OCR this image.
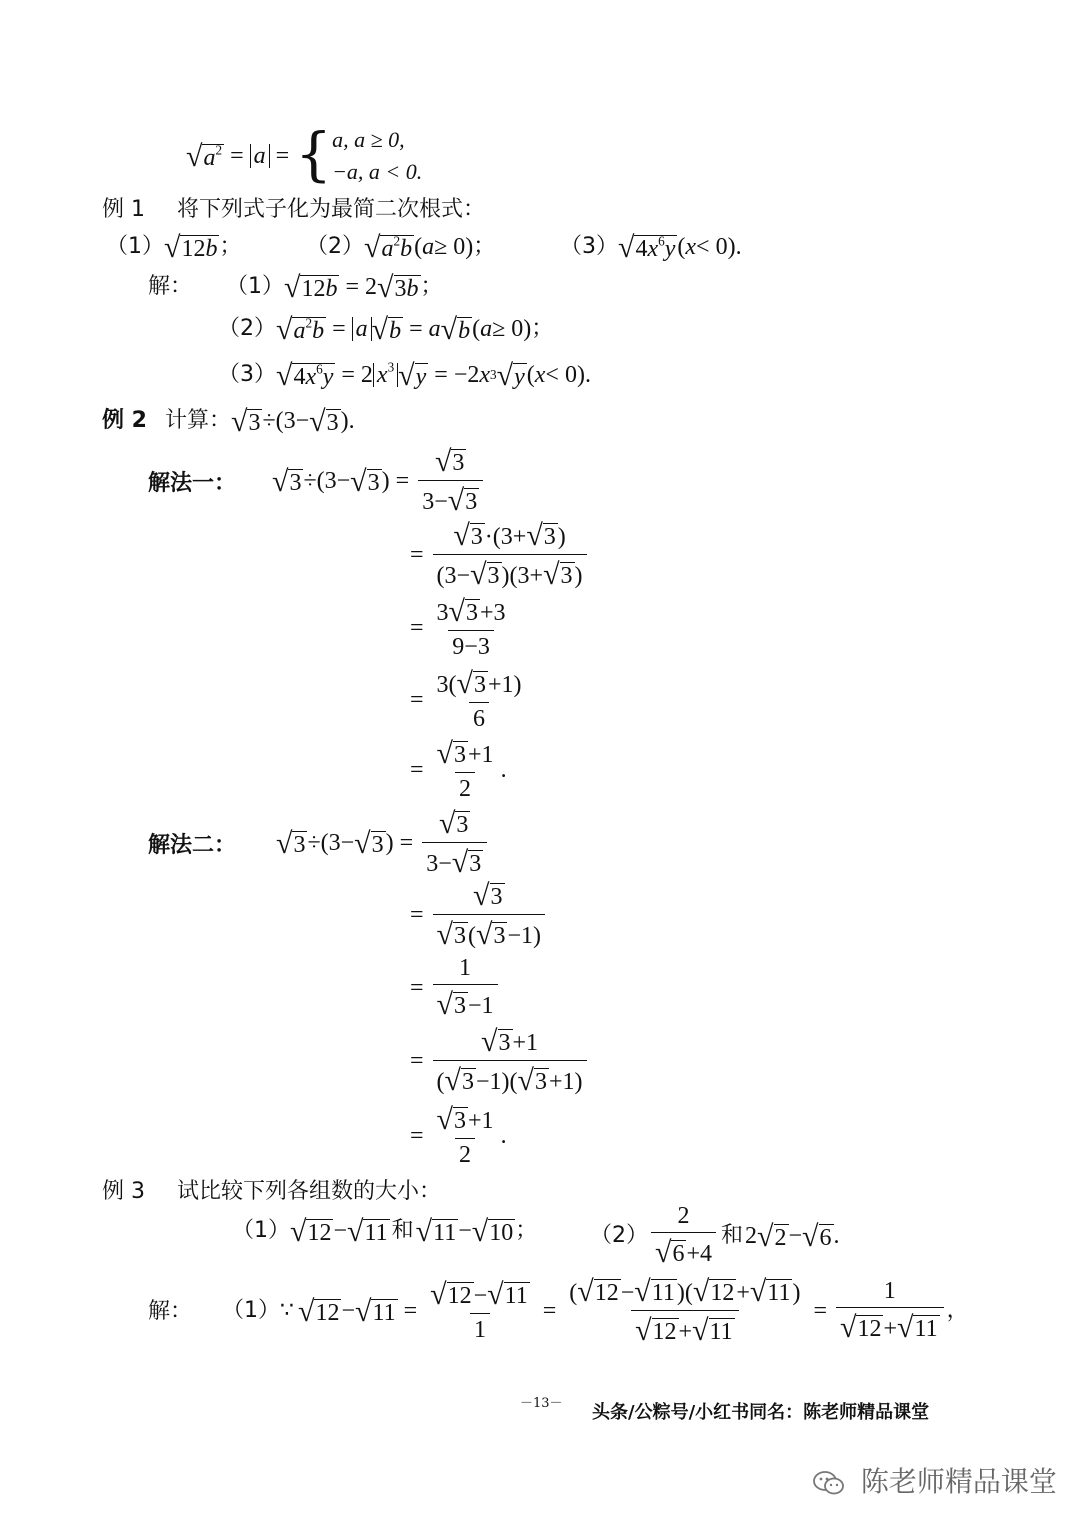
√ $a^2 = a$ = { a, a ≥ 0,
−a, a < 0.
例 1 将下列式子化为最简二次根式：
（1） √ 12b ；	（2） √ $a^2b$ ( a ≥ 0) ；	（3） √ $4x^6y$ ( x < 0) .
解： （1） √ 12b = 2 √ 3b ；
（2） √ $a^2b = a$ √ b = a √ b ( a ≥ 0) ；
（3） √ $4x^6y = 2$ $x^3$ √ y = −2 x 3 √ y ( x < 0) .
例 2 计算： √ 3 ÷(3− √ 3 ) .
解法一： √ 3 ÷(3− √ 3 ) = $\frac{√ 3}{3- √ 3}$
= $\frac{√ 3 \cdot(3+ √ 3 )}{(3- √ 3 )(3+ √ 3 )}$
= $\frac{3 √ 3 +3}{9-3}$
= $\frac{3( √ 3 +1)}{6}$
= $\frac{√ 3 +1}{2}$ .
解法二： √ 3 ÷(3− √ 3 ) = $\frac{√ 3}{3- √ 3}$
= $\frac{√ 3}{√ 3 ( √ 3 -1)}$
= $\frac{1}{√ 3 -1}$
= $\frac{√ 3 +1}{( √ 3 -1)( √ 3 +1)}$
= $\frac{√ 3 +1}{2}$ .
例 3 试比较下列各组数的大小：
（1） √ 12 − √ 11 和 √ 11 − √ 10 ； $(2) \frac{2}{√ 6 +4}$ 和 2 √ 2 − √ 6 .
解： （1） ∵ √ 12 − √ $11 = \frac{√ 12 - √ 11}{1} = \frac{( √ 12 - √ 11 )( √ 12 + √ 11 )}{√ 12 + √ 11} = \frac{1}{√ 12 + √ 11}$ ，
－13－ 头条/公粽号/小红书同名：陈老师精品课堂
陈老师精品课堂
